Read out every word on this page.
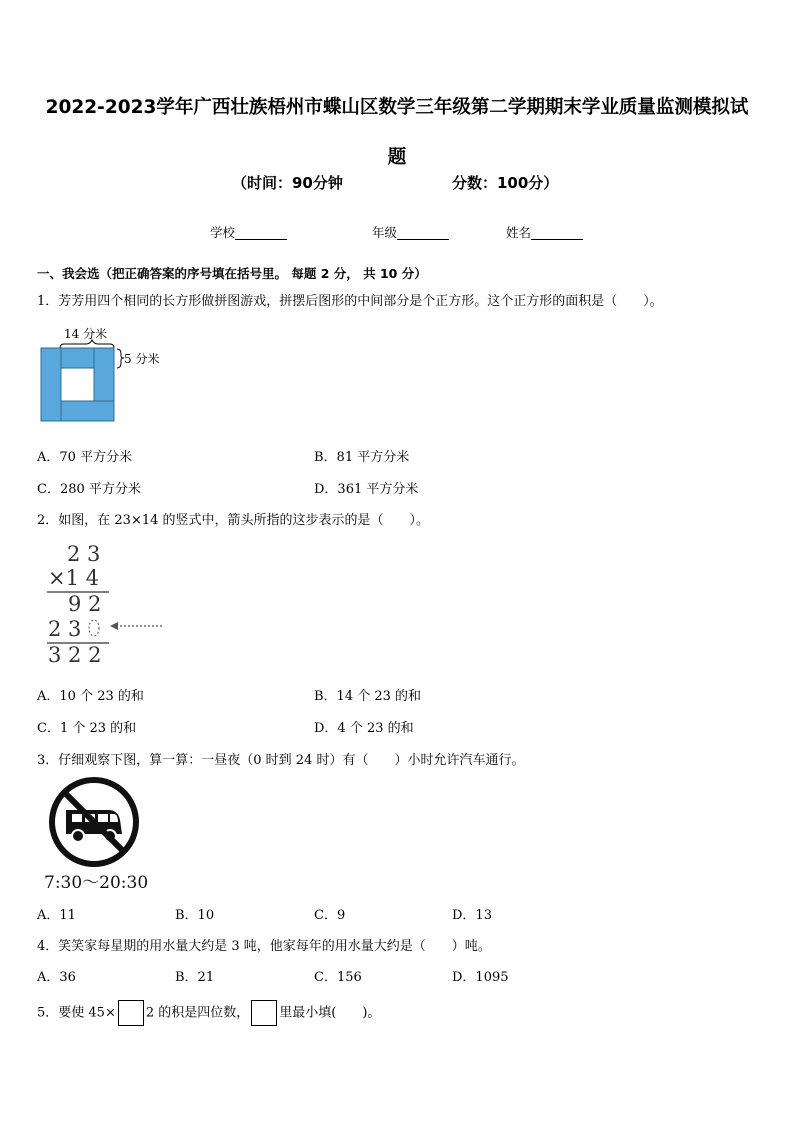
2022-2023学年广西壮族梧州市蝶山区数学三年级第二学期期末学业质量监测模拟试
题
（时间：90分钟	分数：100分）
学校	年级	姓名
一、我会选（把正确答案的序号填在括号里。 每题 2 分， 共 10 分）
1．芳芳用四个相同的长方形做拼图游戏，拼摆后图形的中间部分是个正方形。这个正方形的面积是（　　）。
14 分米
5 分米
A．70 平方分米	B．81 平方分米
C．280 平方分米	D．361 平方分米
2．如图，在 23×14 的竖式中，箭头所指的这步表示的是（　　）。
2 3
×1 4
9 2
2 3
3 2 2
A．10 个 23 的和	B．14 个 23 的和
C．1 个 23 的和	D．4 个 23 的和
3．仔细观察下图，算一算：一昼夜（0 时到 24 时）有（　　）小时允许汽车通行。
7:30～20:30
A．11	B．10	C．9	D．13
4．笑笑家每星期的用水量大约是 3 吨，他家每年的用水量大约是（　　）吨。
A．36	B．21	C．156	D．1095
5．要使 45× 2 的积是四位数， 里最小填(　　)。
